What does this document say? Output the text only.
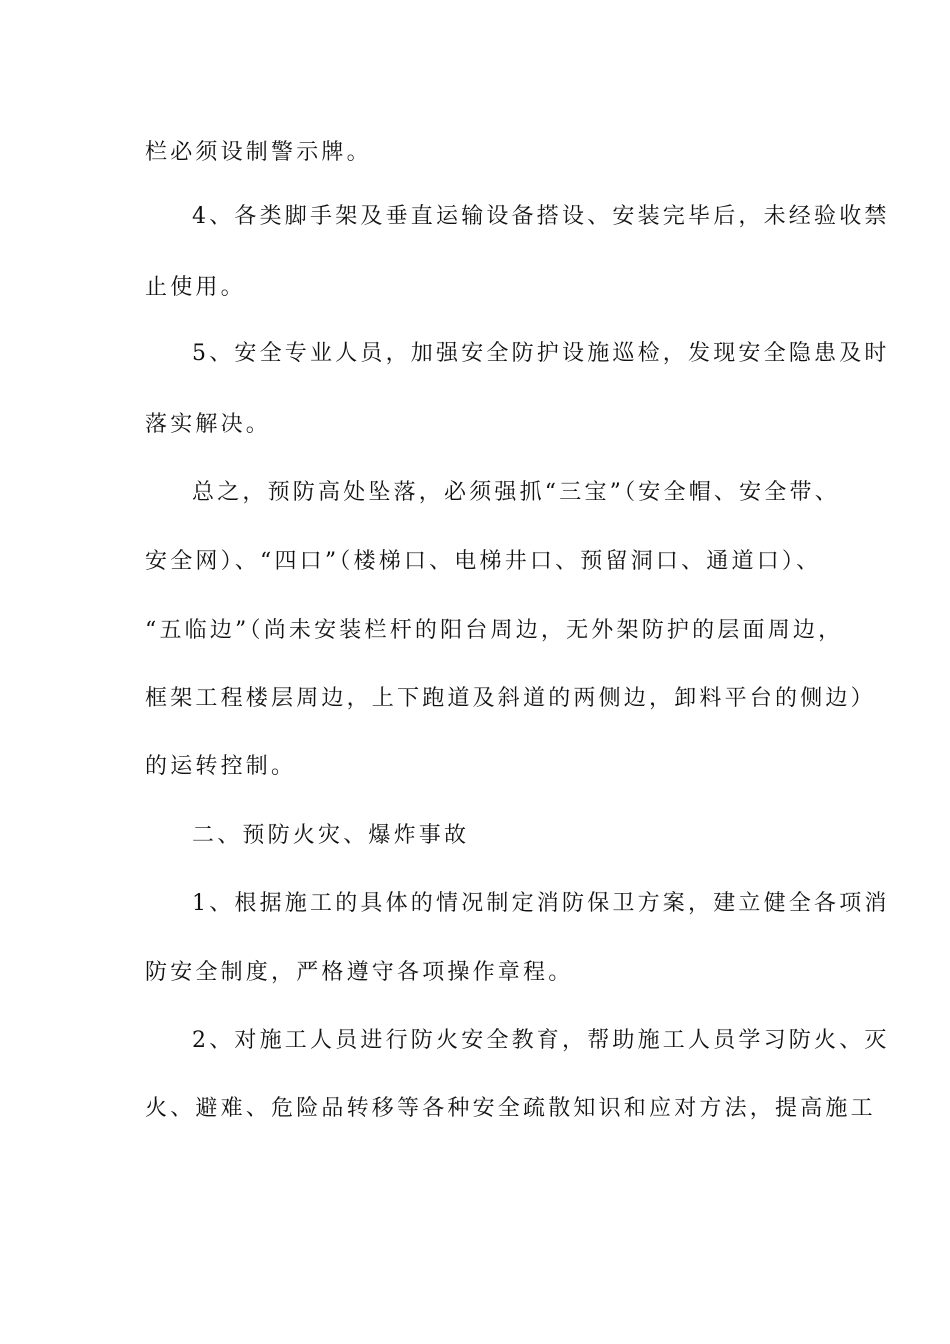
栏必须设制警示牌。
4、各类脚手架及垂直运输设备搭设、安装完毕后，未经验收禁
止使用。
5、安全专业人员，加强安全防护设施巡检，发现安全隐患及时
落实解决。
总之，预防高处坠落，必须强抓“三宝”（安全帽、安全带、
安全网）、“四口”（楼梯口、电梯井口、预留洞口、通道口）、
“五临边”（尚未安装栏杆的阳台周边，无外架防护的层面周边，
框架工程楼层周边，上下跑道及斜道的两侧边，卸料平台的侧边）
的运转控制。
二、预防火灾、爆炸事故
1、根据施工的具体的情况制定消防保卫方案，建立健全各项消
防安全制度，严格遵守各项操作章程。
2、对施工人员进行防火安全教育，帮助施工人员学习防火、灭
火、避难、危险品转移等各种安全疏散知识和应对方法，提高施工
